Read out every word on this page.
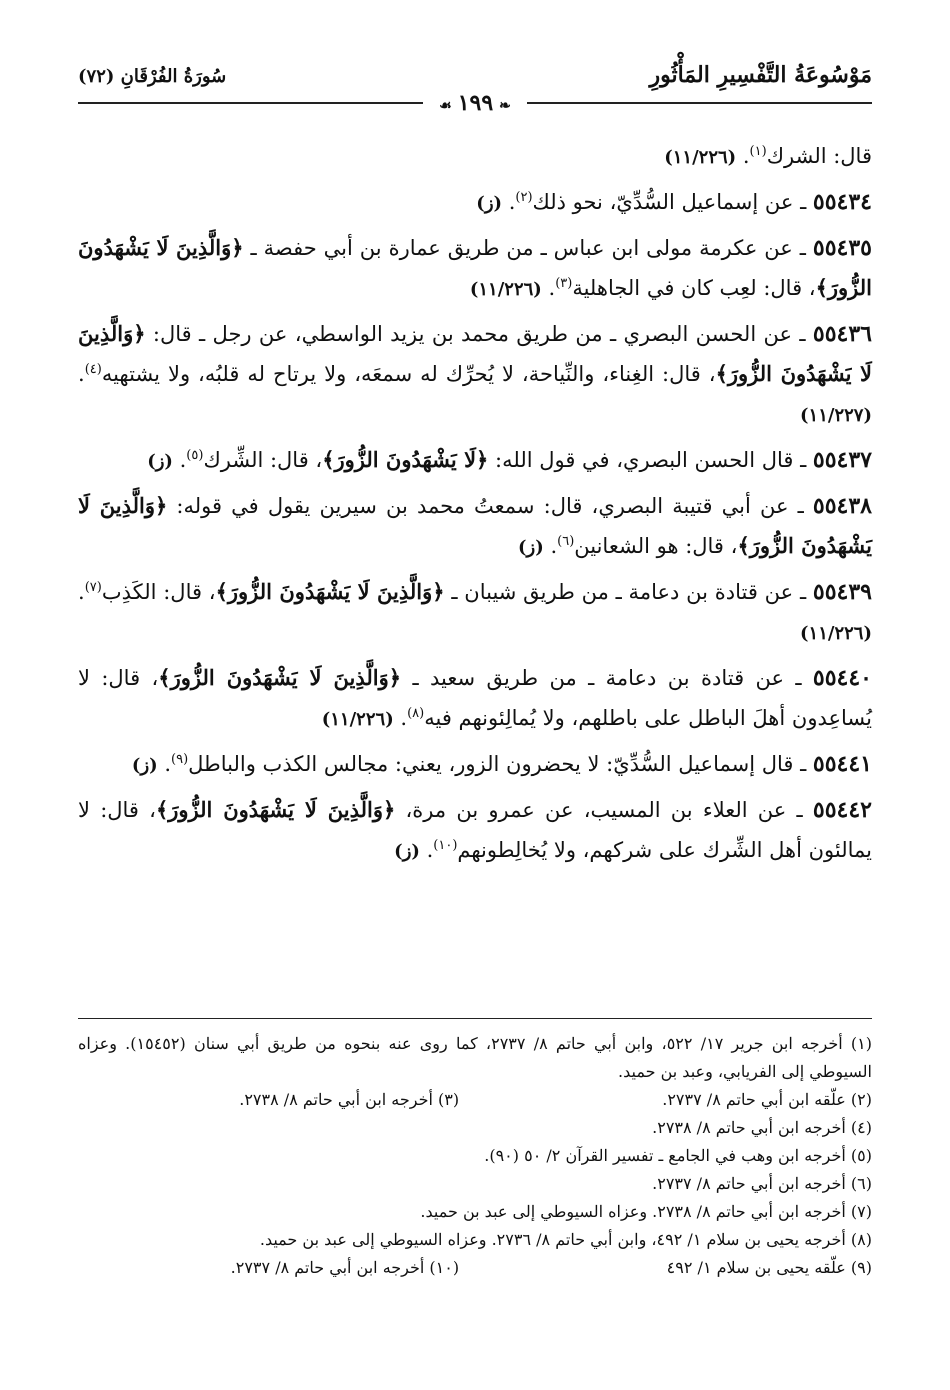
مَوْسُوعَةُ التَّفْسِيرِ المَأْثُورِ
سُورَةُ الفُرْقَانِ (٧٢)
❧١٩٩☙
قال: الشرك$^{(١)}$. (١١/٢٢٦)
٥٥٤٣٤ ـ عن إسماعيل السُّدِّيّ، نحو ذلك$^{(٢)}$. (ز)
٥٥٤٣٥ ـ عن عكرمة مولى ابن عباس ـ من طريق عمارة بن أبي حفصة ـ ﴿وَالَّذِينَ لَا يَشْهَدُونَ الزُّورَ﴾، قال: لعِب كان في الجاهلية$^{(٣)}$. (١١/٢٢٦)
٥٥٤٣٦ ـ عن الحسن البصري ـ من طريق محمد بن يزيد الواسطي، عن رجل ـ قال: ﴿وَالَّذِينَ لَا يَشْهَدُونَ الزُّورَ﴾، قال: الغِناء، والنِّياحة، لا يُحرِّك له سمعَه، ولا يرتاح له قلبُه، ولا يشتهيه$^{(٤)}$. (١١/٢٢٧)
٥٥٤٣٧ ـ قال الحسن البصري، في قول الله: ﴿لَا يَشْهَدُونَ الزُّورَ﴾، قال: الشِّرك$^{(٥)}$. (ز)
٥٥٤٣٨ ـ عن أبي قتيبة البصري، قال: سمعتُ محمد بن سيرين يقول في قوله: ﴿وَالَّذِينَ لَا يَشْهَدُونَ الزُّورَ﴾، قال: هو الشعانين$^{(٦)}$. (ز)
٥٥٤٣٩ ـ عن قتادة بن دعامة ـ من طريق شيبان ـ ﴿وَالَّذِينَ لَا يَشْهَدُونَ الزُّورَ﴾، قال: الكَذِب$^{(٧)}$. (١١/٢٢٦)
٥٥٤٤٠ ـ عن قتادة بن دعامة ـ من طريق سعيد ـ ﴿وَالَّذِينَ لَا يَشْهَدُونَ الزُّورَ﴾، قال: لا يُساعِدون أهلَ الباطل على باطلهم، ولا يُمالِئونهم فيه$^{(٨)}$. (١١/٢٢٦)
٥٥٤٤١ ـ قال إسماعيل السُّدِّيّ: لا يحضرون الزور، يعني: مجالس الكذب والباطل$^{(٩)}$. (ز)
٥٥٤٤٢ ـ عن العلاء بن المسيب، عن عمرو بن مرة، ﴿وَالَّذِينَ لَا يَشْهَدُونَ الزُّورَ﴾، قال: لا يمالئون أهل الشِّرك على شركهم، ولا يُخالِطونهم$^{(١٠)}$. (ز)
(١) أخرجه ابن جرير ١٧/ ٥٢٢، وابن أبي حاتم ٨/ ٢٧٣٧، كما روى عنه بنحوه من طريق أبي سنان (١٥٤٥٢). وعزاه السيوطي إلى الفريابي، وعبد بن حميد.
(٢) علّقه ابن أبي حاتم ٨/ ٢٧٣٧.
(٣) أخرجه ابن أبي حاتم ٨/ ٢٧٣٨.
(٤) أخرجه ابن أبي حاتم ٨/ ٢٧٣٨.
(٥) أخرجه ابن وهب في الجامع ـ تفسير القرآن ٢/ ٥٠ (٩٠).
(٦) أخرجه ابن أبي حاتم ٨/ ٢٧٣٧.
(٧) أخرجه ابن أبي حاتم ٨/ ٢٧٣٨. وعزاه السيوطي إلى عبد بن حميد.
(٨) أخرجه يحيى بن سلام ١/ ٤٩٢، وابن أبي حاتم ٨/ ٢٧٣٦. وعزاه السيوطي إلى عبد بن حميد.
(٩) علّقه يحيى بن سلام ١/ ٤٩٢
(١٠) أخرجه ابن أبي حاتم ٨/ ٢٧٣٧.
